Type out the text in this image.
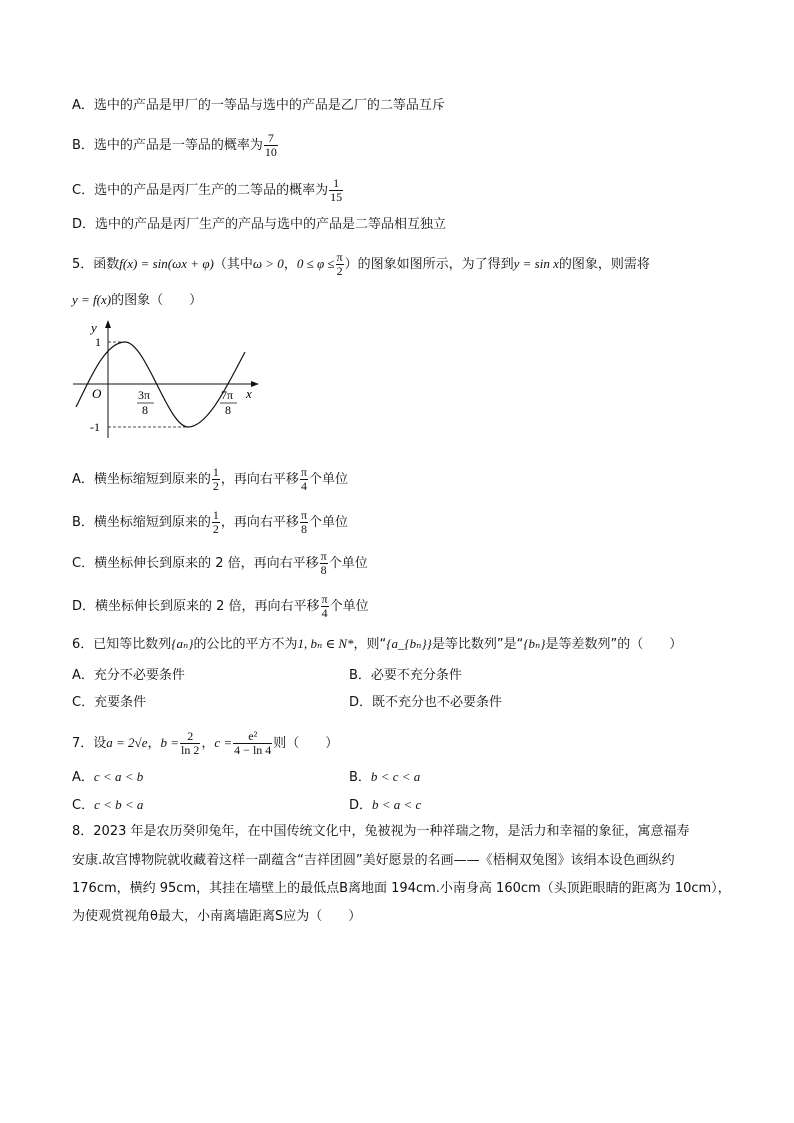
A．选中的产品是甲厂的一等品与选中的产品是乙厂的二等品互斥
B．选中的产品是一等品的概率为 $\frac{7}{10}$
C．选中的产品是丙厂生产的二等品的概率为 $\frac{1}{15}$
D．选中的产品是丙厂生产的产品与选中的产品是二等品相互独立
5．函数f(x) = sin(ωx + φ)（其中ω > 0，$0 \le \varphi \le \frac{\pi}{2}$ ）的图象如图所示，为了得到y = sin x的图象，则需将
y = f(x)的图象（　　）
y
x
O
1
-1
3π
8
7π
8
A．横坐标缩短到原来的 $\frac{1}{2}$ ，再向右平移 $\frac{\pi}{4}$ 个单位
B．横坐标缩短到原来的 $\frac{1}{2}$ ，再向右平移 $\frac{\pi}{8}$ 个单位
C．横坐标伸长到原来的 2 倍，再向右平移 $\frac{\pi}{8}$ 个单位
D．横坐标伸长到原来的 2 倍，再向右平移 $\frac{\pi}{4}$ 个单位
6．已知等比数列{aₙ}的公比的平方不为1, bₙ ∈ N*，则“{a_{bₙ}}是等比数列”是“{bₙ}是等差数列”的（　　）
A．充分不必要条件	B．必要不充分条件
C．充要条件	D．既不充分也不必要条件
7．设a = 2√e，$b = \frac{2}{\ln 2}$ ，$c = \frac{\text{e²}}{4 - \ln 4}$ 则（　　）
A．c < a < b	B．b < c < a
C．c < b < a	D．b < a < c
8．2023 年是农历癸卯兔年，在中国传统文化中，兔被视为一种祥瑞之物，是活力和幸福的象征，寓意福寿
安康.故宫博物院就收藏着这样一副蕴含“吉祥团圆”美好愿景的名画——《梧桐双兔图》该绢本设色画纵约
176cm，横约 95cm，其挂在墙壁上的最低点B离地面 194cm.小南身高 160cm（头顶距眼睛的距离为 10cm），
为使观赏视角θ最大，小南离墙距离S应为（　　）
